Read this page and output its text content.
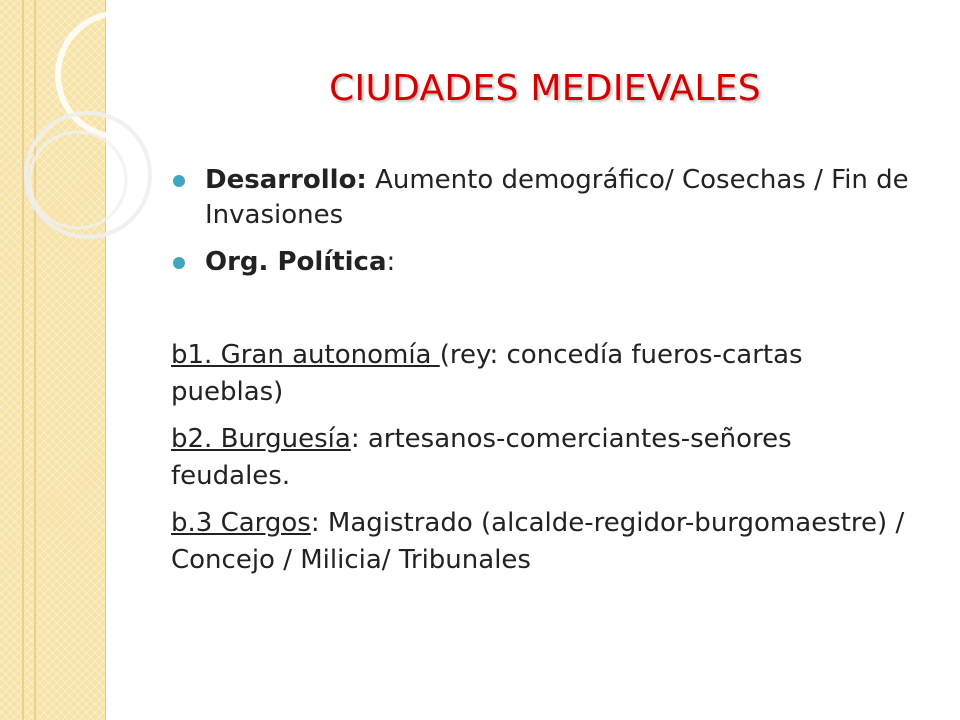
CIUDADES MEDIEVALES
Desarrollo: Aumento demográfico/ Cosechas / Fin de Invasiones
Org. Política:
b1. Gran autonomía (rey: concedía fueros-cartas pueblas)
b2. Burguesía: artesanos-comerciantes-señores feudales.
b.3 Cargos: Magistrado (alcalde-regidor-burgomaestre) / Concejo / Milicia/ Tribunales
